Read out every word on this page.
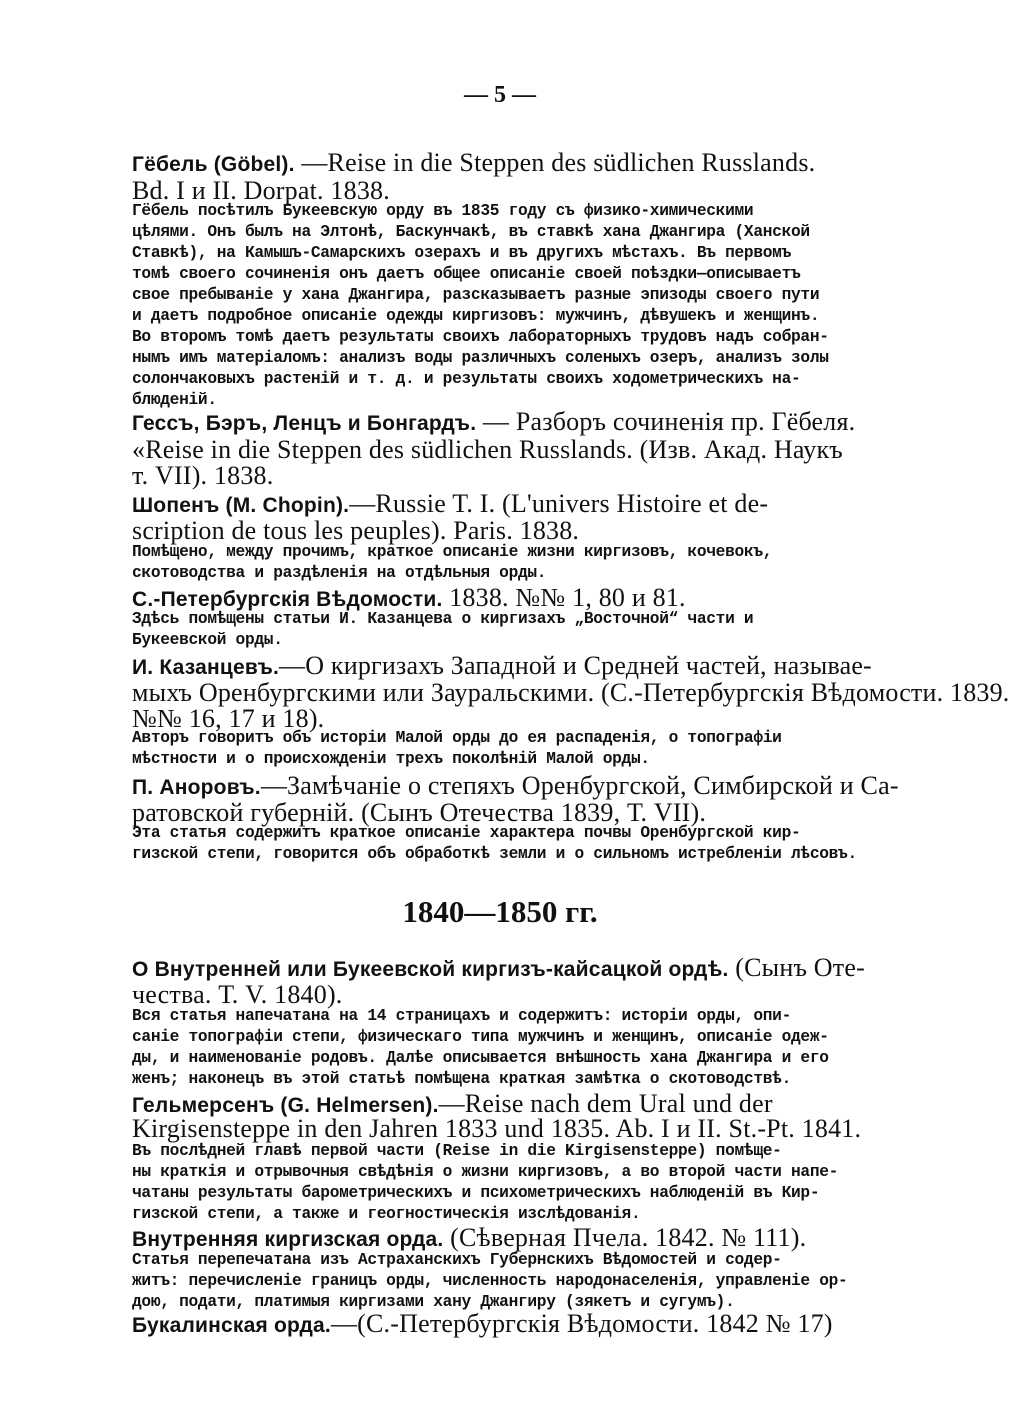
— 5 —
1840—1850 гг.
Гёбель (Göbel). —Reise in die Steppen des südlichen Russlands.
Bd. I и II. Dorpat. 1838.
Гёбель посѣтилъ Букеевскую орду въ 1835 году съ физико-химическими
цѣлями. Онъ былъ на Элтонѣ, Баскунчакѣ, въ ставкѣ хана Джангира (Ханской
Ставкѣ), на Камышъ-Самарскихъ озерахъ и въ другихъ мѣстахъ. Въ первомъ
томѣ своего сочиненія онъ даетъ общее описаніе своей поѣздки—описываетъ
свое пребываніе у хана Джангира, разсказываетъ разные эпизоды своего пути
и даетъ подробное описаніе одежды киргизовъ: мужчинъ, дѣвушекъ и женщинъ.
Во второмъ томѣ даетъ результаты своихъ лабораторныхъ трудовъ надъ собран-
нымъ имъ матеріаломъ: анализъ воды различныхъ соленыхъ озеръ, анализъ золы
солончаковыхъ растеній и т. д. и результаты своихъ ходометрическихъ на-
блюденій.
Гессъ, Бэръ, Ленцъ и Бонгардъ. — Разборъ сочиненія пр. Гёбеля.
«Reise in die Steppen des südlichen Russlands. (Изв. Акад. Наукъ
т. VII). 1838.
Шопенъ (M. Chopin).—Russie T. I. (L'univers Histoire et de-
scription de tous les peuples). Paris. 1838.
Помѣщено, между прочимъ, краткое описаніе жизни киргизовъ, кочевокъ,
скотоводства и раздѣленія на отдѣльныя орды.
С.-Петербургскія Вѣдомости. 1838. №№ 1, 80 и 81.
Здѣсь помѣщены статьи И. Казанцева о киргизахъ „Восточной“ части и
Букеевской орды.
И. Казанцевъ.—О киргизахъ Западной и Средней частей, называе-
мыхъ Оренбургскими или Зауральскими. (С.-Петербургскія Вѣдомости. 1839.
№№ 16, 17 и 18).
Авторъ говоритъ объ исторіи Малой орды до ея распаденія, о топографіи
мѣстности и о происхожденіи трехъ поколѣній Малой орды.
П. Аноровъ.—Замѣчаніе о степяхъ Оренбургской, Симбирской и Са-
ратовской губерній. (Сынъ Отечества 1839, Т. VII).
Эта статья содержитъ краткое описаніе характера почвы Оренбургской кир-
гизской степи, говорится объ обработкѣ земли и о сильномъ истребленіи лѣсовъ.
О Внутренней или Букеевской киргизъ-кайсацкой ордѣ. (Сынъ Оте-
чества. Т. V. 1840).
Вся статья напечатана на 14 страницахъ и содержитъ: исторіи орды, опи-
саніе топографіи степи, физическаго типа мужчинъ и женщинъ, описаніе одеж-
ды, и наименованіе родовъ. Далѣе описывается внѣшность хана Джангира и его
женъ; наконецъ въ этой статьѣ помѣщена краткая замѣтка о скотоводствѣ.
Гельмерсенъ (G. Helmersen).—Reise nach dem Ural und der
Kirgisensteppe in den Jahren 1833 und 1835. Ab. I и II. St.-Pt. 1841.
Въ послѣдней главѣ первой части (Reise in die Kirgisensteppe) помѣще-
ны краткія и отрывочныя свѣдѣнія о жизни киргизовъ, а во второй части напе-
чатаны результаты барометрическихъ и психометрическихъ наблюденій въ Кир-
гизской степи, а также и геогностическія изслѣдованія.
Внутренняя киргизская орда. (Сѣверная Пчела. 1842. № 111).
Статья перепечатана изъ Астраханскихъ Губернскихъ Вѣдомостей и содер-
житъ: перечисленіе границъ орды, численность народонаселенія, управленіе ор-
дою, подати, платимыя киргизами хану Джангиру (зякетъ и сугумъ).
Букалинская орда.—(С.-Петербургскія Вѣдомости. 1842 № 17)
